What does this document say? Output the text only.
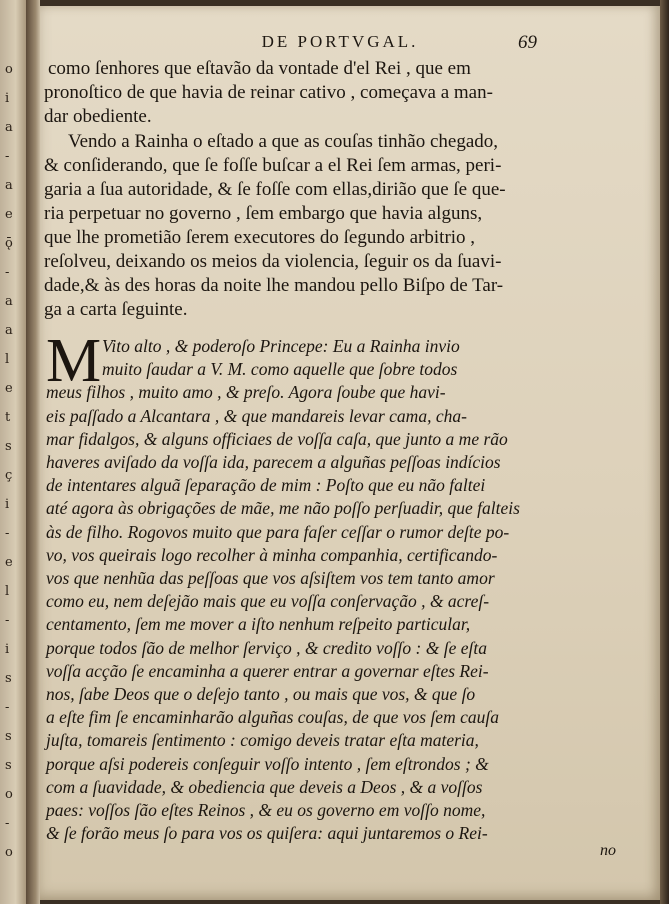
o
i
a
-
a
e
ǭ
-
a
a
l
e
t
s
ç
i
-
e
l
-
i
s
-
s
s
o
-
o
DE PORTVGAL.	69
como ſenhores que eſtavão da vontade d'el Rei , que em
pronoſtico de que havia de reinar cativo , começava a man-
dar obediente.
Vendo a Rainha o eſtado a que as couſas tinhão chegado,
& conſiderando, que ſe foſſe buſcar a el Rei ſem armas, peri-
garia a ſua autoridade, & ſe foſſe com ellas,dirião que ſe que-
ria perpetuar no governo , ſem embargo que havia alguns,
que lhe prometião ſerem executores do ſegundo arbitrio ,
reſolveu, deixando os meios da violencia, ſeguir os da ſuavi-
dade,& às des horas da noite lhe mandou pello Biſpo de Tar-
ga a carta ſeguinte.
M Vito alto , & poderoſo Princepe: Eu a Rainha invio
muito ſaudar a V. M. como aquelle que ſobre todos
meus filhos , muito amo , & preſo. Agora ſoube que havi-
eis paſſado a Alcantara , & que mandareis levar cama, cha-
mar fidalgos, & alguns officiaes de voſſa caſa, que junto a me rão
haveres aviſado da voſſa ida, parecem a alguñas peſſoas indícios
de intentares alguã ſeparação de mim : Poſto que eu não faltei
até agora às obrigações de mãe, me não poſſo perſuadir, que falteis
às de filho. Rogovos muito que para faſer ceſſar o rumor deſte po-
vo, vos queirais logo recolher à minha companhia, certificando-
vos que nenhũa das peſſoas que vos aſsiſtem vos tem tanto amor
como eu, nem deſejão mais que eu voſſa conſervação , & acreſ-
centamento, ſem me mover a iſto nenhum reſpeito particular,
porque todos ſão de melhor ſerviço , & credito voſſo : & ſe eſta
voſſa acção ſe encaminha a querer entrar a governar eſtes Rei-
nos, ſabe Deos que o deſejo tanto , ou mais que vos, & que ſo
a eſte fim ſe encaminharão alguñas couſas, de que vos ſem cauſa
juſta, tomareis ſentimento : comigo deveis tratar eſta materia,
porque aſsi podereis conſeguir voſſo intento , ſem eſtrondos ; &
com a ſuavidade, & obediencia que deveis a Deos , & a voſſos
paes: voſſos ſão eſtes Reinos , & eu os governo em voſſo nome,
& ſe forão meus ſo para vos os quiſera: aqui juntaremos o Rei-
no
